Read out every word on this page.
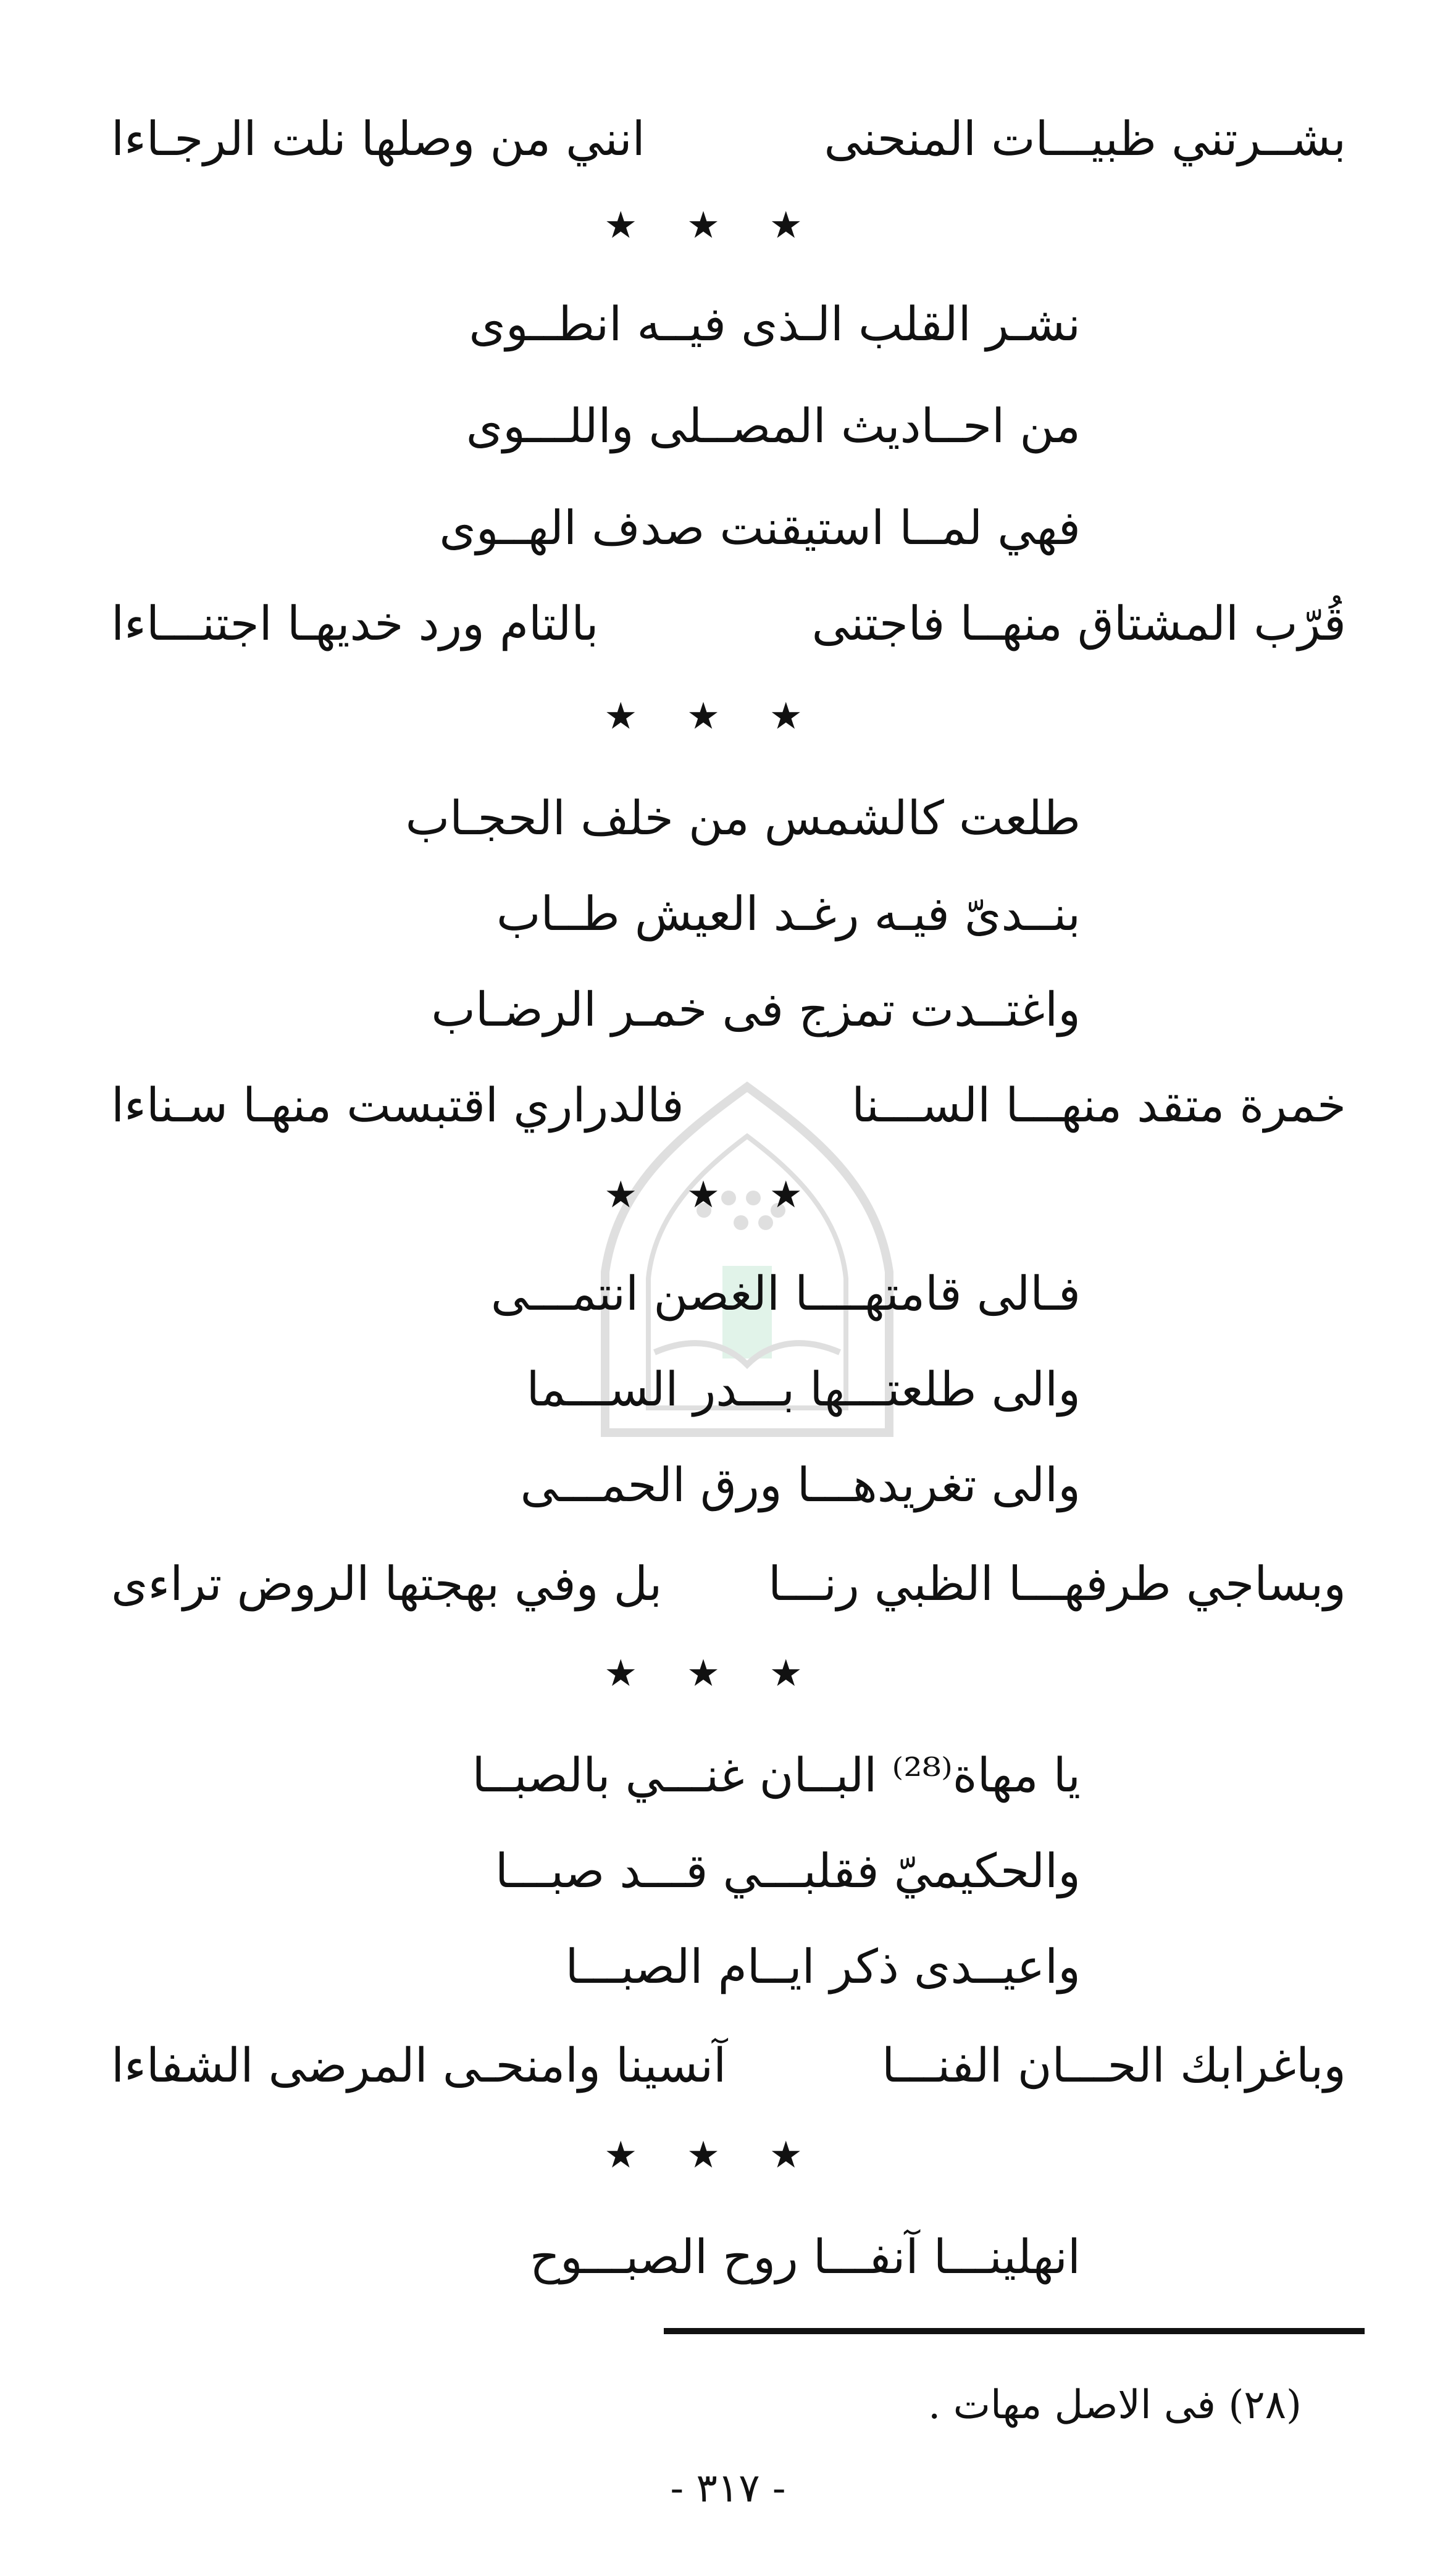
بشــرتني ظبيـــات المنحنى
انني من وصلها نلت الرجـاءا
★★★
نشـر القلب الـذى فيــه انطــوى
من احــاديث المصــلى واللـــوى
فهي لمــا استيقنت صدف الهــوى
قُرّب المشتاق منهــا فاجتنى
بالتام ورد خديهـا اجتنـــاءا
★★★
طلعت كالشمس من خلف الحجـاب
بنــدىّ فيـه رغـد العيش طــاب
واغتــدت تمزج فى خمـر الرضـاب
خمرة متقد منهـــا الســـنا
فالدراري اقتبست منهـا سـناءا
★★★
فـالى قامتهــــا الغصن انتمـــى
والى طلعتـــها بـــدر الســـما
والى تغريدهـــا ورق الحمـــى
وبساجي طرفهـــا الظبي رنـــا
بل وفي بهجتها الروض تراءى
★★★
يا مهاة⁽²⁸⁾ البــان غنـــي بالصبــا
والحكيميّ فقلبـــي قـــد صبـــا
واعيــدى ذكر ايــام الصبـــا
وباغرابك الحـــان الفنـــا
آنسينا وامنحـى المرضى الشفاءا
★★★
انهلينـــا آنفـــا روح الصبـــوح
(٢٨) فى الاصل مهات .
- ٣١٧ -
